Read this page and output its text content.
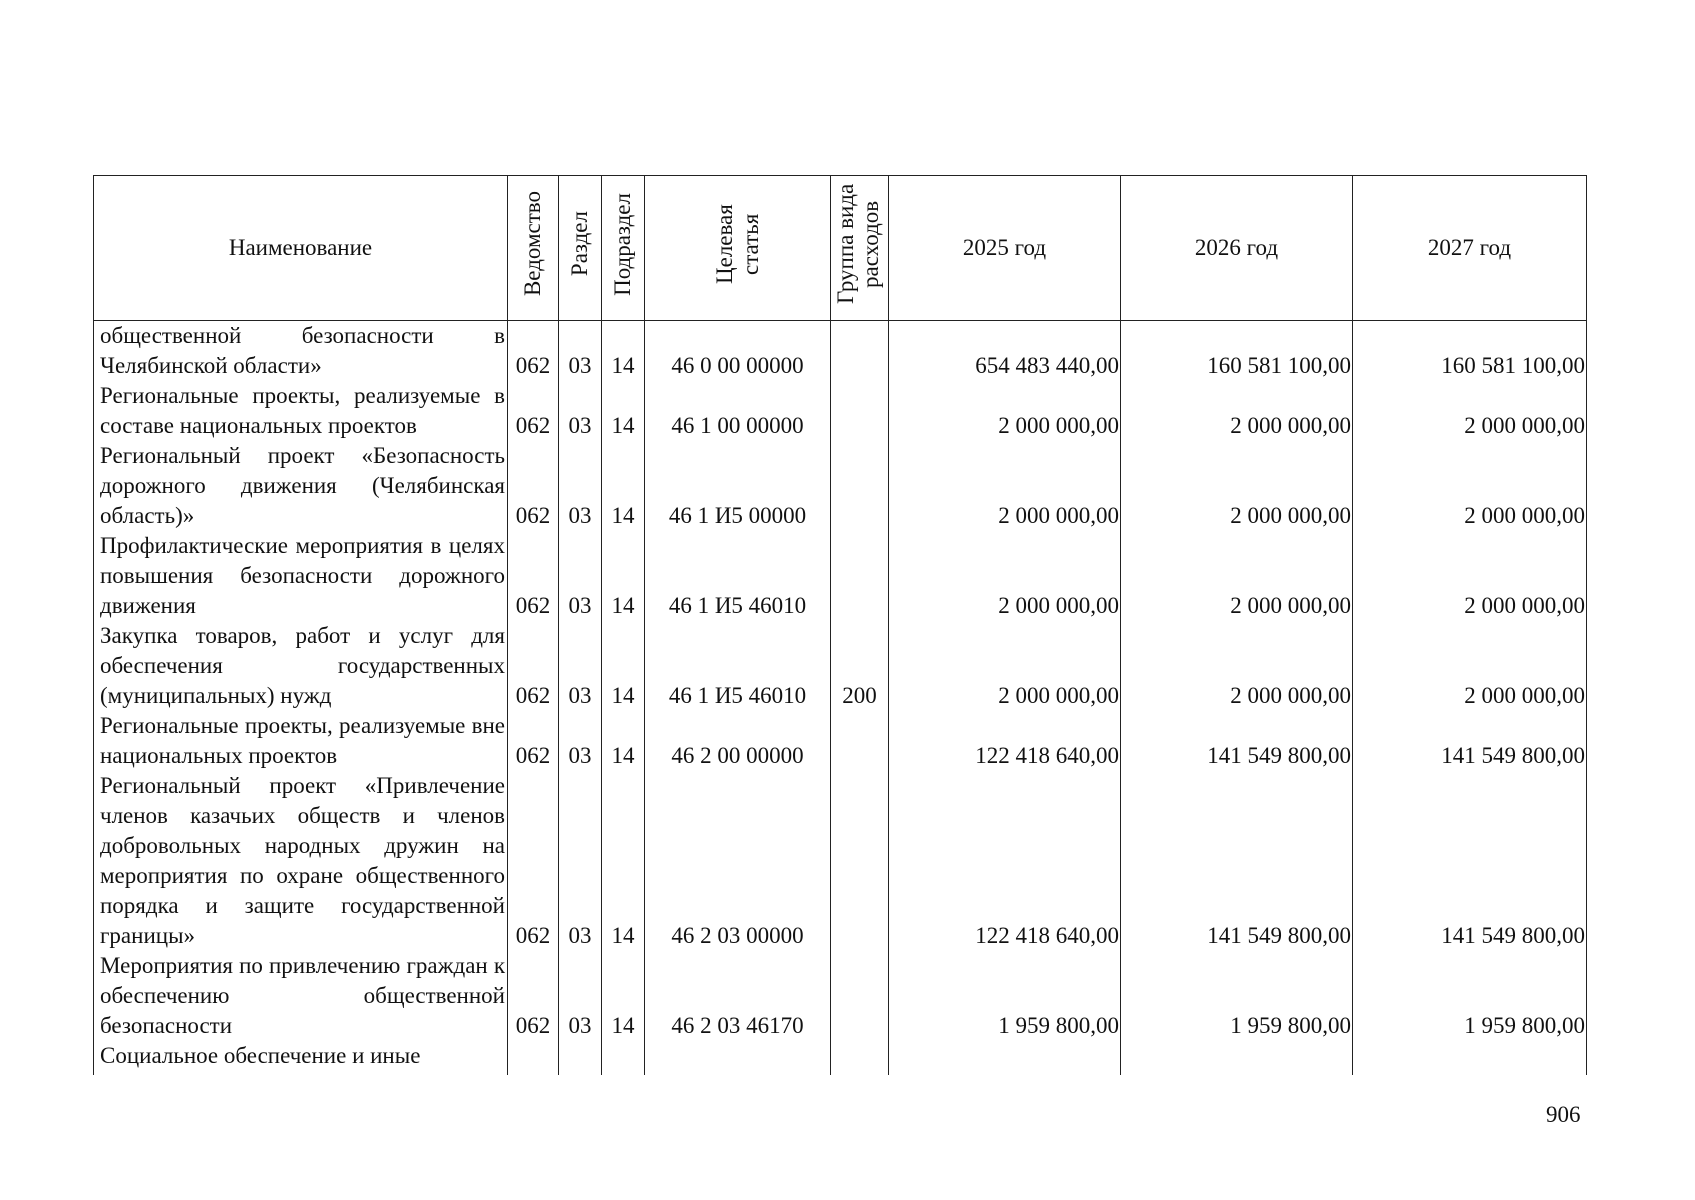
Наименование	Ведомство	Раздел	Подраздел	Целевая статья	Группа вида расходов	2025 год	2026 год	2027 год
общественной безопасности в Челябинской области»	062	03	14	46 0 00 00000		654 483 440,00	160 581 100,00	160 581 100,00
Региональные проекты, реализуемые в составе национальных проектов	062	03	14	46 1 00 00000		2 000 000,00	2 000 000,00	2 000 000,00
Региональный проект «Безопасность дорожного движения (Челябинская область)»	062	03	14	46 1 И5 00000		2 000 000,00	2 000 000,00	2 000 000,00
Профилактические мероприятия в целях повышения безопасности дорожного движения	062	03	14	46 1 И5 46010		2 000 000,00	2 000 000,00	2 000 000,00
Закупка товаров, работ и услуг для обеспечения государственных (муниципальных) нужд	062	03	14	46 1 И5 46010	200	2 000 000,00	2 000 000,00	2 000 000,00
Региональные проекты, реализуемые вне национальных проектов	062	03	14	46 2 00 00000		122 418 640,00	141 549 800,00	141 549 800,00
Региональный проект «Привлечение членов казачьих обществ и членов добровольных народных дружин на мероприятия по охране общественного порядка и защите государственной границы»	062	03	14	46 2 03 00000		122 418 640,00	141 549 800,00	141 549 800,00
Мероприятия по привлечению граждан к обеспечению общественной безопасности	062	03	14	46 2 03 46170		1 959 800,00	1 959 800,00	1 959 800,00
Социальное обеспечение и иные								

906
